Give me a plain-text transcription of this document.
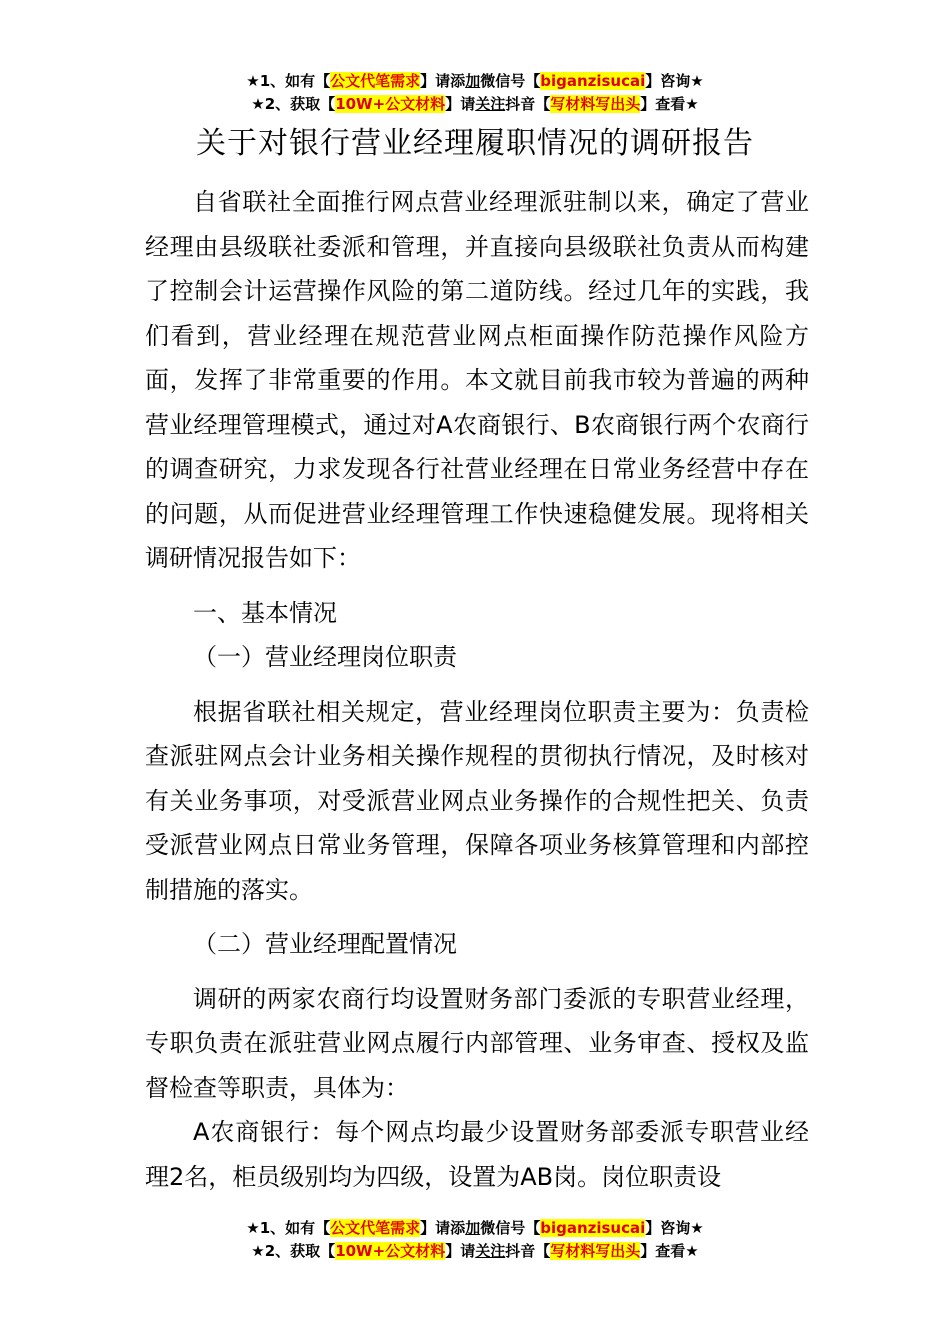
★1、如有【公文代笔需求】请添加微信号【biganzisucai】咨询★
★2、获取【10W+公文材料】请关注抖音【写材料写出头】查看★
关于对银行营业经理履职情况的调研报告

自省联社全面推行网点营业经理派驻制以来，确定了营业经理由县级联社委派和管理，并直接向县级联社负责从而构建了控制会计运营操作风险的第二道防线。经过几年的实践，我们看到，营业经理在规范营业网点柜面操作防范操作风险方面，发挥了非常重要的作用。本文就目前我市较为普遍的两种营业经理管理模式，通过对A农商银行、B农商银行两个农商行的调查研究，力求发现各行社营业经理在日常业务经营中存在的问题，从而促进营业经理管理工作快速稳健发展。现将相关调研情况报告如下：

一、基本情况

（一）营业经理岗位职责

根据省联社相关规定，营业经理岗位职责主要为：负责检查派驻网点会计业务相关操作规程的贯彻执行情况，及时核对有关业务事项，对受派营业网点业务操作的合规性把关、负责受派营业网点日常业务管理，保障各项业务核算管理和内部控制措施的落实。

（二）营业经理配置情况

调研的两家农商行均设置财务部门委派的专职营业经理，专职负责在派驻营业网点履行内部管理、业务审查、授权及监督检查等职责，具体为：

A农商银行：每个网点均最少设置财务部委派专职营业经理2名，柜员级别均为四级，设置为AB岗。岗位职责设

★1、如有【公文代笔需求】请添加微信号【biganzisucai】咨询★
★2、获取【10W+公文材料】请关注抖音【写材料写出头】查看★
